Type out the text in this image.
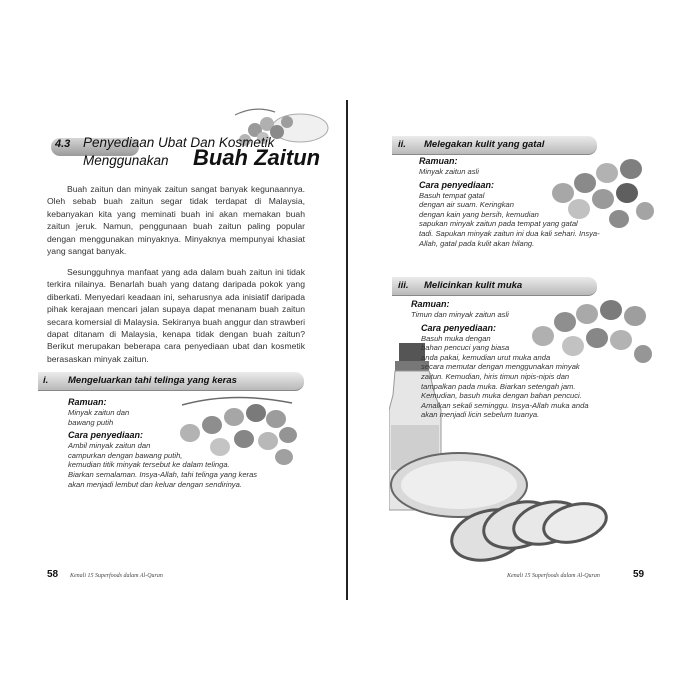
4.3 Penyediaan Ubat Dan Kosmetik
Menggunakan Buah Zaitun

Buah zaitun dan minyak zaitun sangat banyak kegunaannya. Oleh sebab buah zaitun segar tidak terdapat di Malaysia, kebanyakan kita yang meminati buah ini akan memakan buah zaitun jeruk. Namun, penggunaan buah zaitun paling popular dengan menggunakan minyaknya. Minyaknya mempunyai khasiat yang sangat banyak.

Sesungguhnya manfaat yang ada dalam buah zaitun ini tidak terkira nilainya. Benarlah buah yang datang daripada pokok yang diberkati. Menyedari keadaan ini, seharusnya ada inisiatif daripada pihak kerajaan mencari jalan supaya dapat menanam buah zaitun secara komersial di Malaysia. Sekiranya buah anggur dan strawberi dapat ditanam di Malaysia, kenapa tidak dengan buah zaitun? Berikut merupakan beberapa cara penyediaan ubat dan kosmetik berasaskan minyak zaitun.

i. Mengeluarkan tahi telinga yang keras
Ramuan:
Minyak zaitun dan
bawang putih
Cara penyediaan:
Ambil minyak zaitun dan
campurkan dengan bawang putih,
kemudian titik minyak tersebut ke dalam telinga.
Biarkan semalaman. Insya-Allah, tahi telinga yang keras
akan menjadi lembut dan keluar dengan sendirinya.
58 Kenali 15 Superfoods dalam Al-Quran
ii. Melegakan kulit yang gatal
Ramuan:
Minyak zaitun asli
Cara penyediaan:
Basuh tempat gatal
dengan air suam. Keringkan
dengan kain yang bersih, kemudian
sapukan minyak zaitun pada tempat yang gatal
tadi. Sapukan minyak zaitun ini dua kali sehari. Insya-
Allah, gatal pada kulit akan hilang.
iii. Melicinkan kulit muka
Ramuan:
Timun dan minyak zaitun asli
Cara penyediaan:
Basuh muka dengan
bahan pencuci yang biasa
anda pakai, kemudian urut muka anda
secara memutar dengan menggunakan minyak
zaitun. Kemudian, hiris timun nipis-nipis dan
tampalkan pada muka. Biarkan setengah jam.
Kemudian, basuh muka dengan bahan pencuci.
Amalkan sekali seminggu. Insya-Allah muka anda
akan menjadi licin sebelum tuanya.
Kenali 15 Superfoods dalam Al-Quran	59
